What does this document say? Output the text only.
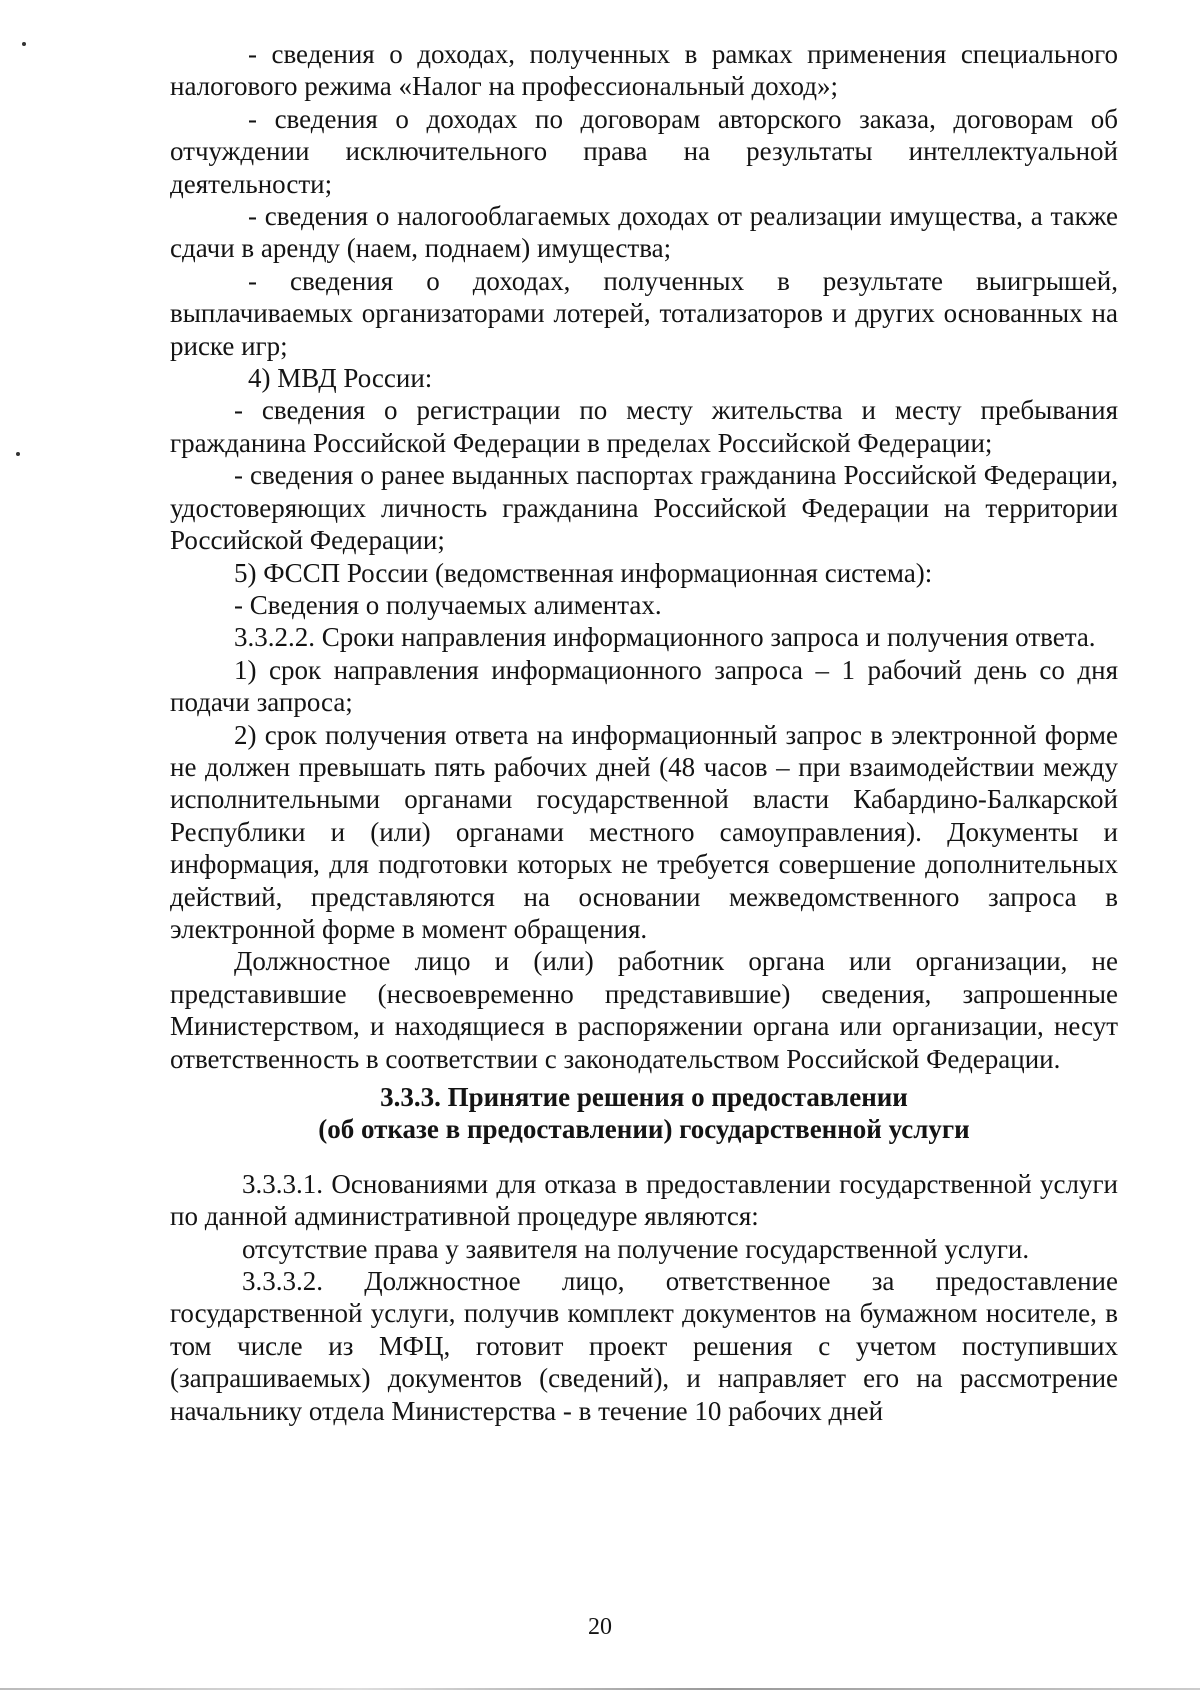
- сведения о доходах, полученных в рамках применения специального налогового режима «Налог на профессиональный доход»;

- сведения о доходах по договорам авторского заказа, договорам об отчуждении исключительного права на результаты интеллектуальной деятельности;

- сведения о налогооблагаемых доходах от реализации имущества, а также сдачи в аренду (наем, поднаем) имущества;

- сведения о доходах, полученных в результате выигрышей, выплачиваемых организаторами лотерей, тотализаторов и других основанных на риске игр;

4) МВД России:

- сведения о регистрации по месту жительства и месту пребывания гражданина Российской Федерации в пределах Российской Федерации;

- сведения о ранее выданных паспортах гражданина Российской Федерации, удостоверяющих личность гражданина Российской Федерации на территории Российской Федерации;

5) ФССП России (ведомственная информационная система):

- Сведения о получаемых алиментах.

3.3.2.2. Сроки направления информационного запроса и получения ответа.

1) срок направления информационного запроса – 1 рабочий день со дня подачи запроса;

2) срок получения ответа на информационный запрос в электронной форме не должен превышать пять рабочих дней (48 часов – при взаимодействии между исполнительными органами государственной власти Кабардино-Балкарской Республики и (или) органами местного самоуправления). Документы и информация, для подготовки которых не требуется совершение дополнительных действий, представляются на основании межведомственного запроса в электронной форме в момент обращения.

Должностное лицо и (или) работник органа или организации, не представившие (несвоевременно представившие) сведения, запрошенные Министерством, и находящиеся в распоряжении органа или организации, несут ответственность в соответствии с законодательством Российской Федерации.

3.3.3. Принятие решения о предоставлении

(об отказе в предоставлении) государственной услуги

3.3.3.1. Основаниями для отказа в предоставлении государственной услуги по данной административной процедуре являются:

отсутствие права у заявителя на получение государственной услуги.

3.3.3.2. Должностное лицо, ответственное за предоставление государственной услуги, получив комплект документов на бумажном носителе, в том числе из МФЦ, готовит проект решения с учетом поступивших (запрашиваемых) документов (сведений), и направляет его на рассмотрение начальнику отдела Министерства - в течение 10 рабочих дней

20
